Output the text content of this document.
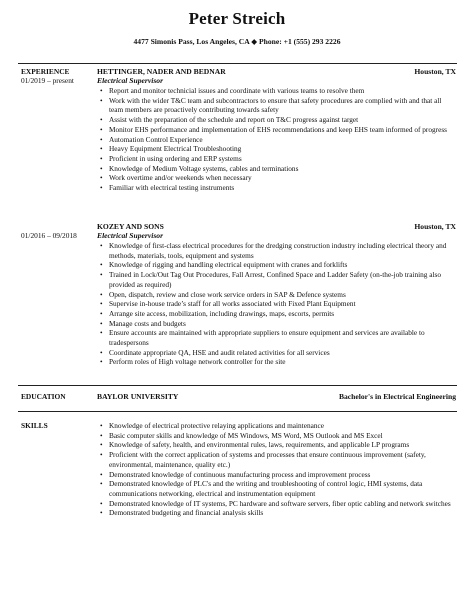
Peter Streich
4477 Simonis Pass, Los Angeles, CA ◆ Phone: +1 (555) 293 2226
EXPERIENCE
01/2019 – present
HETTINGER, NADER AND BEDNAR	Houston, TX
Electrical Supervisor
• Report and monitor technicial issues and coordinate with various teams to resolve them
• Work with the wider T&C team and subcontractors to ensure that safety procedures are complied with and that all team members are proactively contributing towards safety
• Assist with the preparation of the schedule and report on T&C progress against target
• Monitor EHS performance and implementation of EHS recommendations and keep EHS team informed of progress
• Automation Control Experience
• Heavy Equipment Electrical Troubleshooting
• Proficient in using ordering and ERP systems
• Knowledge of Medium Voltage systems, cables and terminations
• Work overtime and/or weekends when necessary
• Familiar with electrical testing instruments
01/2016 – 09/2018
KOZEY AND SONS	Houston, TX
Electrical Supervisor
• Knowledge of first-class electrical procedures for the dredging construction industry including electrical theory and methods, materials, tools, equipment and systems
• Knowledge of rigging and handling electrical equipment with cranes and forklifts
• Trained in Lock/Out Tag Out Procedures, Fall Arrest, Confined Space and Ladder Safety (on-the-job training also provided as required)
• Open, dispatch, review and close work service orders in SAP & Defence systems
• Supervise in-house trade’s staff for all works associated with Fixed Plant Equipment
• Arrange site access, mobilization, including drawings, maps, escorts, permits
• Manage costs and budgets
• Ensure accounts are maintained with appropriate suppliers to ensure equipment and services are available to tradespersons
• Coordinate appropriate QA, HSE and audit related activities for all services
• Perform roles of High voltage network controller for the site
EDUCATION	BAYLOR UNIVERSITY	Bachelor's in Electrical Engineering
SKILLS
•	Knowledge of electrical protective relaying applications and maintenance
• Basic computer skills and knowledge of MS Windows, MS Word, MS Outlook and MS Excel
• Knowledge of safety, health, and environmental rules, laws, requirements, and applicable LP programs
• Proficient with the correct application of systems and processes that ensure continuous improvement (safety, environmental, maintenance, quality etc.)
• Demonstrated knowledge of continuous manufacturing process and improvement process
• Demonstrated knowledge of PLC's and the writing and troubleshooting of control logic, HMI systems, data communications networking, electrical and instrumentation equipment
• Demonstrated knowledge of IT systems, PC hardware and software servers, fiber optic cabling and network switches
• Demonstrated budgeting and financial analysis skills
